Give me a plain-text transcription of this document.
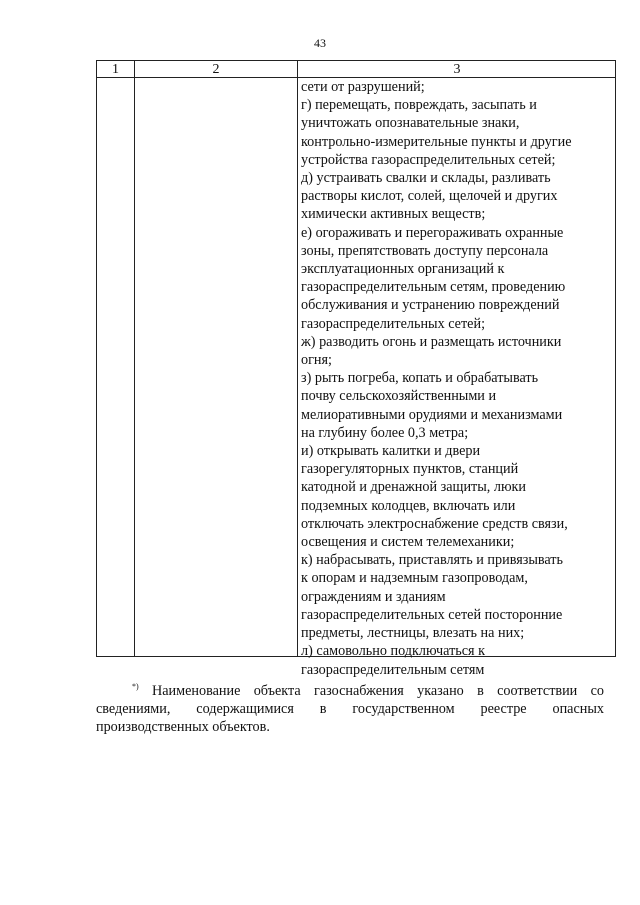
43
1	2	3
сети от разрушений;
г) перемещать, повреждать, засыпать и
уничтожать опознавательные знаки,
контрольно-измерительные пункты и другие
устройства газораспределительных сетей;
д) устраивать свалки и склады, разливать
растворы кислот, солей, щелочей и других
химически активных веществ;
е) огораживать и перегораживать охранные
зоны, препятствовать доступу персонала
эксплуатационных организаций к
газораспределительным сетям, проведению
обслуживания и устранению повреждений
газораспределительных сетей;
ж) разводить огонь и размещать источники
огня;
з) рыть погреба, копать и обрабатывать
почву сельскохозяйственными и
мелиоративными орудиями и механизмами
на глубину более 0,3 метра;
и) открывать калитки и двери
газорегуляторных пунктов, станций
катодной и дренажной защиты, люки
подземных колодцев, включать или
отключать электроснабжение средств связи,
освещения и систем телемеханики;
к) набрасывать, приставлять и привязывать
к опорам и надземным газопроводам,
ограждениям и зданиям
газораспределительных сетей посторонние
предметы, лестницы, влезать на них;
л) самовольно подключаться к
газораспределительным сетям
*) Наименование объекта газоснабжения указано в соответствии со сведениями, содержащимися в государственном реестре опасных производственных объектов.
